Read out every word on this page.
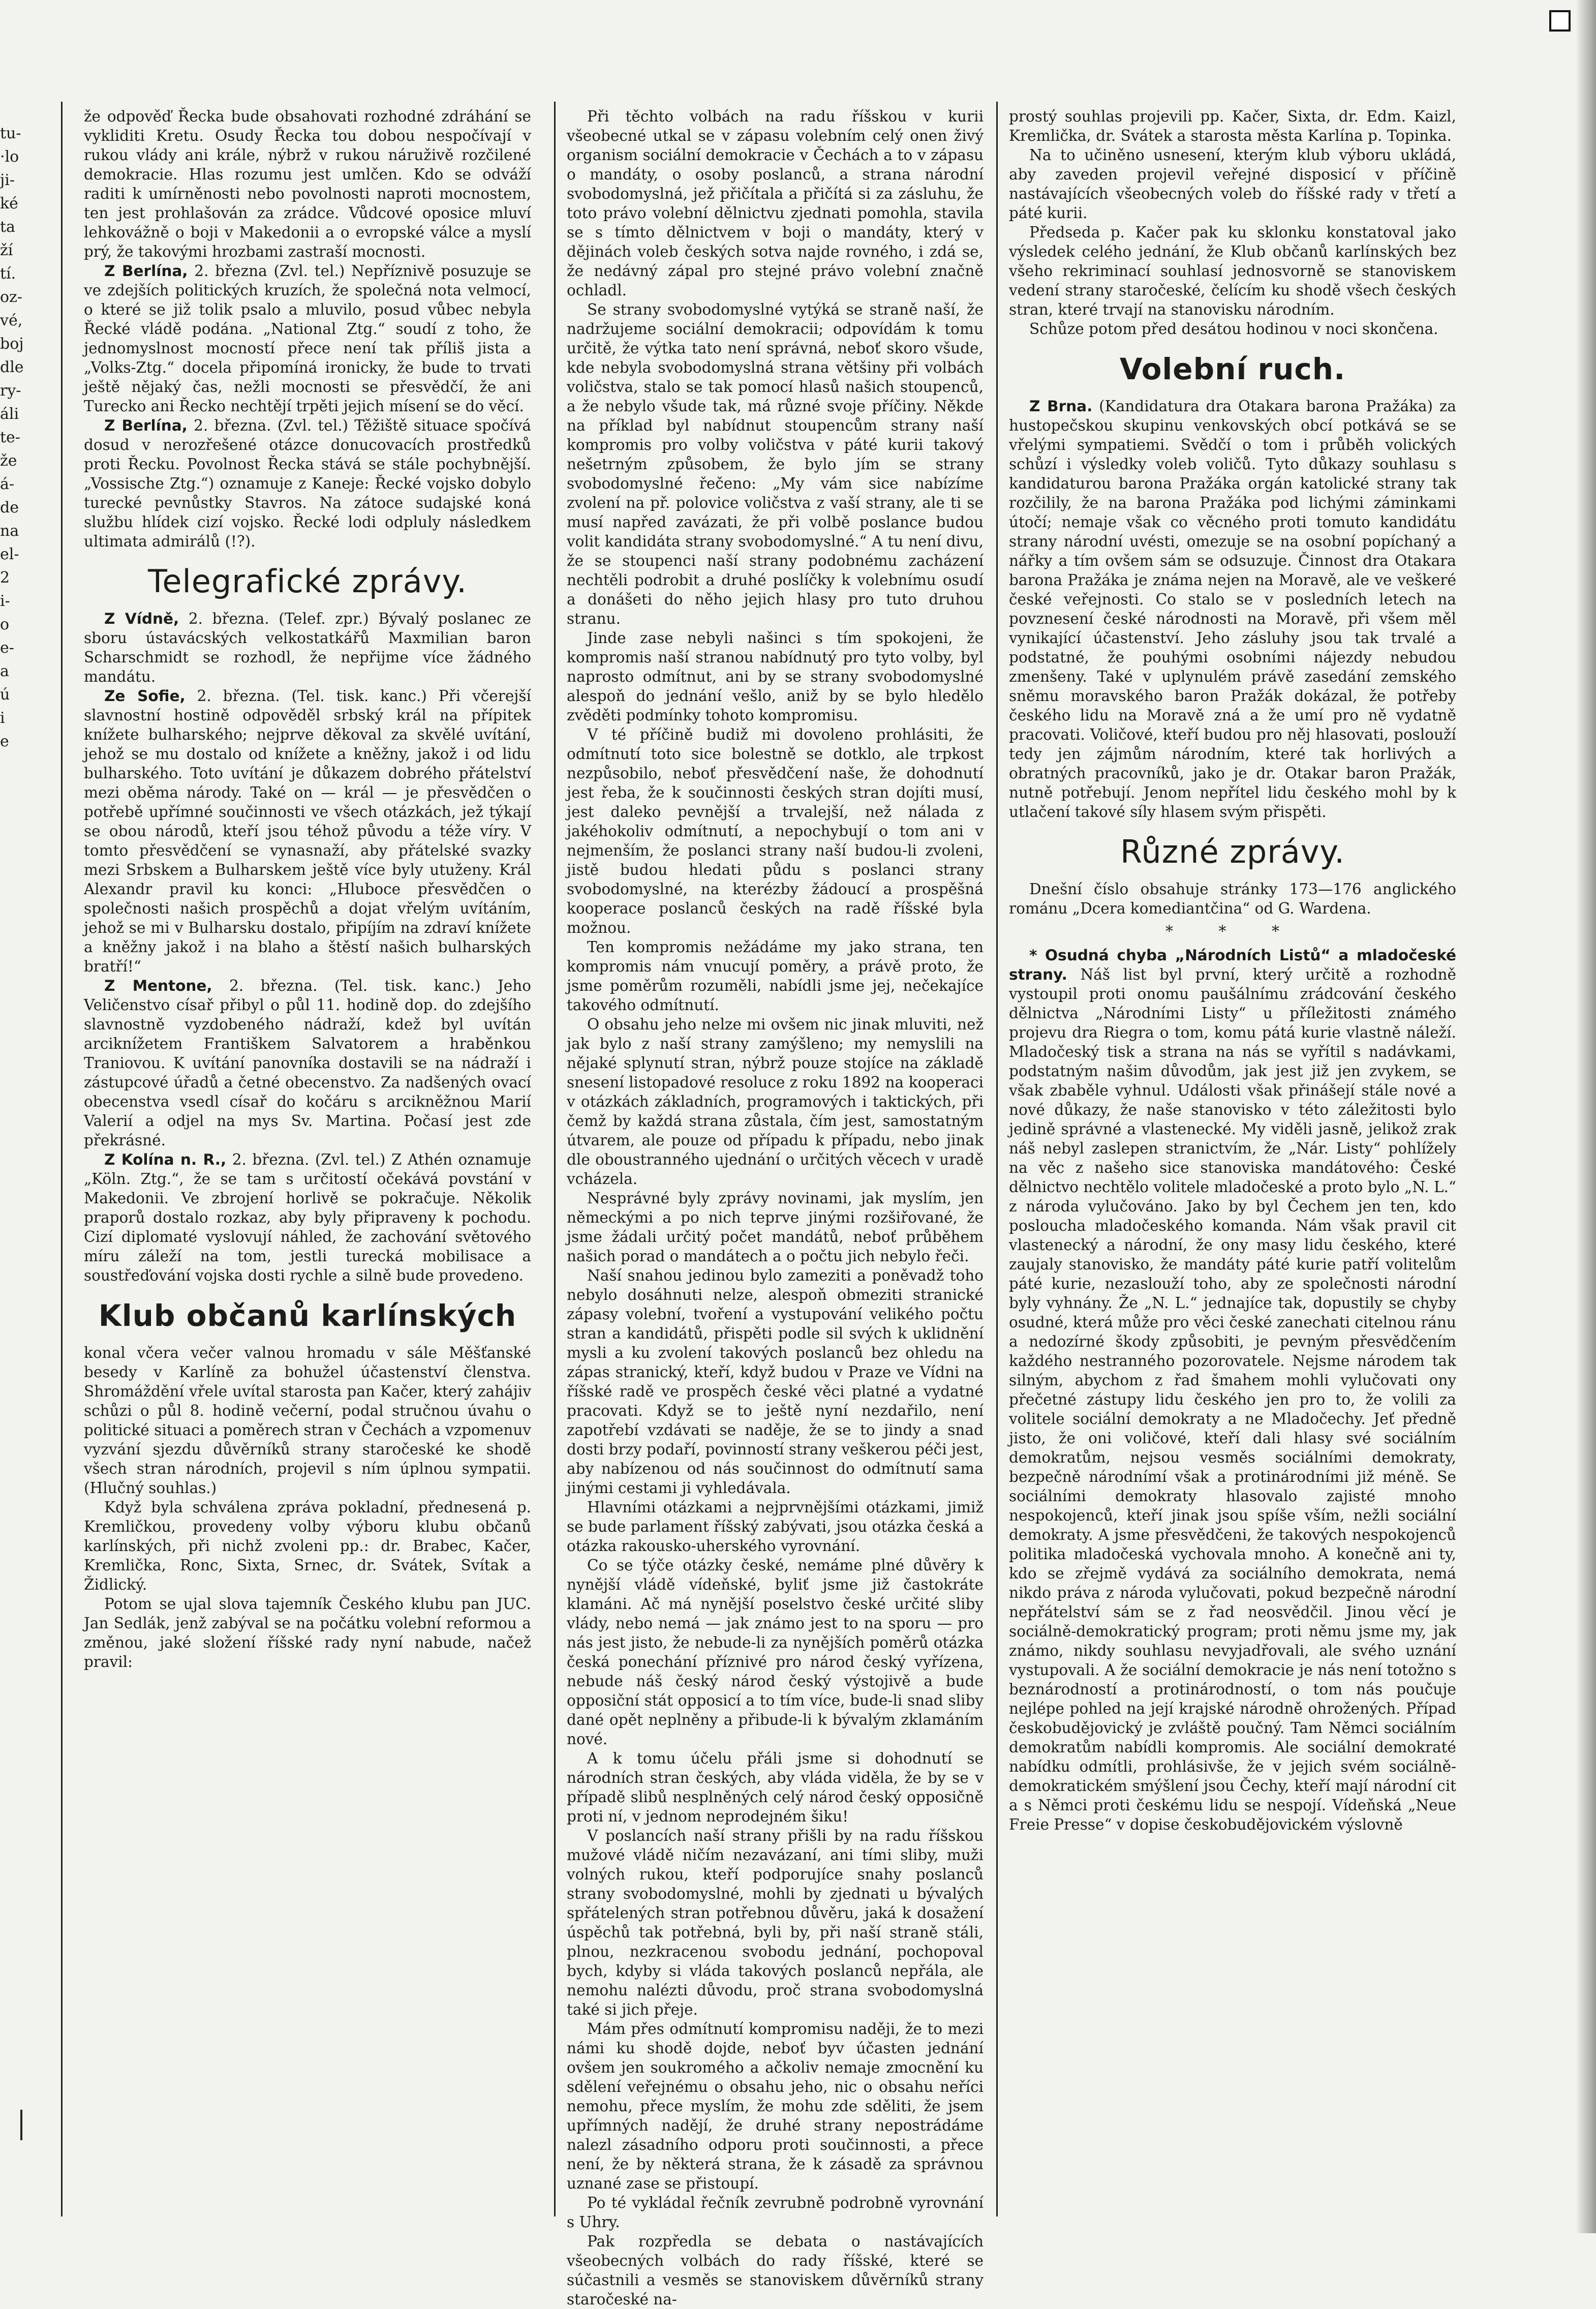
tu-
·lo
ji-
ké
ta
ží
tí.
oz-
vé,
boj
dle
ry-
áli
te-
že
á-
de
na
el-
2
i-
o
e-
a
ú
i
e

že odpověď Řecka bude obsahovati rozhodné zdráhání se vykliditi Kretu. Osudy Řecka tou dobou nespočívají v rukou vlády ani krále, nýbrž v rukou náruživě rozčilené demokracie. Hlas rozumu jest umlčen. Kdo se odváží raditi k umírněnosti nebo povolnosti naproti mocnostem, ten jest prohlašován za zrádce. Vůdcové oposice mluví lehkovážně o boji v Makedonii a o evropské válce a myslí prý, že takovými hrozbami zastraší mocnosti.

Z Berlína, 2. března (Zvl. tel.) Nepříznivě posuzuje se ve zdejších politických kruzích, že společná nota velmocí, o které se již tolik psalo a mluvilo, posud vůbec nebyla Řecké vládě podána. „National Ztg.“ soudí z toho, že jednomyslnost mocností přece není tak příliš jista a „Volks-Ztg.“ docela připomíná ironicky, že bude to trvati ještě nějaký čas, nežli mocnosti se přesvědčí, že ani Turecko ani Řecko nechtějí trpěti jejich mísení se do věcí.

Z Berlína, 2. března. (Zvl. tel.) Těžiště situace spočívá dosud v nerozřešené otázce donucovacích prostředků proti Řecku. Povolnost Řecka stává se stále pochybnější. „Vossische Ztg.“) oznamuje z Kaneje: Řecké vojsko dobylo turecké pevnůstky Stavros. Na zátoce sudajské koná službu hlídek cizí vojsko. Řecké lodi odpluly následkem ultimata admirálů (!?).

Telegrafické zprávy.

Z Vídně, 2. března. (Telef. zpr.) Bývalý poslanec ze sboru ústavácských velkostatkářů Maxmilian baron Scharschmidt se rozhodl, že nepřijme více žádného mandátu.

Ze Sofie, 2. března. (Tel. tisk. kanc.) Při včerejší slavnostní hostině odpověděl srbský král na přípitek knížete bulharského; nejprve děkoval za skvělé uvítání, jehož se mu dostalo od knížete a kněžny, jakož i od lidu bulharského. Toto uvítání je důkazem dobrého přátelství mezi oběma národy. Také on — král — je přesvědčen o potřebě upřímné součinnosti ve všech otázkách, jež týkají se obou národů, kteří jsou téhož původu a téže víry. V tomto přesvědčení se vynasnaží, aby přátelské svazky mezi Srbskem a Bulharskem ještě více byly utuženy. Král Alexandr pravil ku konci: „Hluboce přesvědčen o společnosti našich prospěchů a dojat vřelým uvítáním, jehož se mi v Bulharsku dostalo, připíjím na zdraví knížete a kněžny jakož i na blaho a štěstí našich bulharských bratří!“

Z Mentone, 2. března. (Tel. tisk. kanc.) Jeho Veličenstvo císař přibyl o půl 11. hodině dop. do zdejšího slavnostně vyzdobeného nádraží, kdež byl uvítán arciknížetem Františkem Salvatorem a hraběnkou Traniovou. K uvítání panovníka dostavili se na nádraží i zástupcové úřadů a četné obecenstvo. Za nadšených ovací obecenstva vsedl císař do kočáru s arcikněžnou Marií Valerií a odjel na mys Sv. Martina. Počasí jest zde překrásné.

Z Kolína n. R., 2. března. (Zvl. tel.) Z Athén oznamuje „Köln. Ztg.“, že se tam s určitostí očekává povstání v Makedonii. Ve zbrojení horlivě se pokračuje. Několik praporů dostalo rozkaz, aby byly připraveny k pochodu. Cizí diplomaté vyslovují náhled, že zachování světového míru záleží na tom, jestli turecká mobilisace a soustřeďování vojska dosti rychle a silně bude provedeno.

Klub občanů karlínských

konal včera večer valnou hromadu v sále Měšťanské besedy v Karlíně za bohužel účastenství členstva. Shromáždění vřele uvítal starosta pan Kačer, který zahájiv schůzi o půl 8. hodině večerní, podal stručnou úvahu o politické situaci a poměrech stran v Čechách a vzpomenuv vyzvání sjezdu důvěrníků strany staročeské ke shodě všech stran národních, projevil s ním úplnou sympatii. (Hlučný souhlas.)

Když byla schválena zpráva pokladní, přednesená p. Kremličkou, provedeny volby výboru klubu občanů karlínských, při nichž zvoleni pp.: dr. Brabec, Kačer, Kremlička, Ronc, Sixta, Srnec, dr. Svátek, Svítak a Židlický.

Potom se ujal slova tajemník Českého klubu pan JUC. Jan Sedlák, jenž zabýval se na počátku volební reformou a změnou, jaké složení říšské rady nyní nabude, načež pravil:

Při těchto volbách na radu říšskou v kurii všeobecné utkal se v zápasu volebním celý onen živý organism sociální demokracie v Čechách a to v zápasu o mandáty, o osoby poslanců, a strana národní svobodomyslná, jež přičítala a přičítá si za zásluhu, že toto právo volební dělnictvu zjednati pomohla, stavila se s tímto dělnictvem v boji o mandáty, který v dějinách voleb českých sotva najde rovného, i zdá se, že nedávný zápal pro stejné právo volební značně ochladl.

Se strany svobodomyslné vytýká se straně naší, že nadržujeme sociální demokracii; odpovídám k tomu určitě, že výtka tato není správná, neboť skoro všude, kde nebyla svobodomyslná strana většiny při volbách voličstva, stalo se tak pomocí hlasů našich stoupenců, a že nebylo všude tak, má různé svoje příčiny. Někde na příklad byl nabídnut stoupencům strany naší kompromis pro volby voličstva v páté kurii takový nešetrným způsobem, že bylo jím se strany svobodomyslné řečeno: „My vám sice nabízíme zvolení na př. polovice voličstva z vaší strany, ale ti se musí napřed zavázati, že při volbě poslance budou volit kandidáta strany svobodomyslné.“ A tu není divu, že se stoupenci naší strany podobnému zacházení nechtěli podrobit a druhé poslíčky k volebnímu osudí a donášeti do něho jejich hlasy pro tuto druhou stranu.

Jinde zase nebyli našinci s tím spokojeni, že kompromis naší stranou nabídnutý pro tyto volby, byl naprosto odmítnut, ani by se strany svobodomyslné alespoň do jednání vešlo, aniž by se bylo hledělo zvěděti podmínky tohoto kompromisu.

V té příčině budiž mi dovoleno prohlásiti, že odmítnutí toto sice bolestně se dotklo, ale trpkost nezpůsobilo, neboť přesvědčení naše, že dohodnutí jest řeba, že k součinnosti českých stran dojíti musí, jest daleko pevnější a trvalejší, než nálada z jakéhokoliv odmítnutí, a nepochybují o tom ani v nejmenším, že poslanci strany naší budou-li zvoleni, jistě budou hledati půdu s poslanci strany svobodomyslné, na kterézby žádoucí a prospěšná kooperace poslanců českých na radě říšské byla možnou.

Ten kompromis nežádáme my jako strana, ten kompromis nám vnucují poměry, a právě proto, že jsme poměrům rozuměli, nabídli jsme jej, nečekajíce takového odmítnutí.

O obsahu jeho nelze mi ovšem nic jinak mluviti, než jak bylo z naší strany zamýšleno; my nemyslili na nějaké splynutí stran, nýbrž pouze stojíce na základě snesení listopadové resoluce z roku 1892 na kooperaci v otázkách základních, programových i taktických, při čemž by každá strana zůstala, čím jest, samostatným útvarem, ale pouze od případu k případu, nebo jinak dle oboustranného ujednání o určitých věcech v uradě vcházela.

Nesprávné byly zprávy novinami, jak myslím, jen německými a po nich teprve jinými rozšiřované, že jsme žádali určitý počet mandátů, neboť průběhem našich porad o mandátech a o počtu jich nebylo řeči.

Naší snahou jedinou bylo zameziti a poněvadž toho nebylo dosáhnuti nelze, alespoň obmeziti stranické zápasy volební, tvoření a vystupování velikého počtu stran a kandidátů, přispěti podle sil svých k uklidnění mysli a ku zvolení takových poslanců bez ohledu na zápas stranický, kteří, když budou v Praze ve Vídni na říšské radě ve prospěch české věci platné a vydatné pracovati. Když se to ještě nyní nezdařilo, není zapotřebí vzdávati se naděje, že se to jindy a snad dosti brzy podaří, povinností strany veškerou péči jest, aby nabízenou od nás součinnost do odmítnutí sama jinými cestami ji vyhledávala.

Hlavními otázkami a nejprvnějšími otázkami, jimiž se bude parlament říšský zabývati, jsou otázka česká a otázka rakousko-uherského vyrovnání.

Co se týče otázky české, nemáme plné důvěry k nynější vládě vídeňské, byliť jsme již častokráte klamáni. Ač má nynější poselstvo české určité sliby vlády, nebo nemá — jak známo jest to na sporu — pro nás jest jisto, že nebude-li za nynějších poměrů otázka česká ponechání příznivé pro národ český vyřízena, nebude náš český národ český výstojivě a bude opposiční stát opposicí a to tím více, bude-li snad sliby dané opět neplněny a přibude-li k bývalým zklamáním nové.

A k tomu účelu přáli jsme si dohodnutí se národních stran českých, aby vláda viděla, že by se v případě slibů nesplněných celý národ český opposičně proti ní, v jednom neprodejném šiku!

V poslancích naší strany přišli by na radu říšskou mužové vládě ničím nezavázaní, ani tími sliby, muži volných rukou, kteří podporujíce snahy poslanců strany svobodomyslné, mohli by zjednati u bývalých spřátelených stran potřebnou důvěru, jaká k dosažení úspěchů tak potřebná, byli by, při naší straně stáli, plnou, nezkracenou svobodu jednání, pochopoval bych, kdyby si vláda takových poslanců nepřála, ale nemohu nalézti důvodu, proč strana svobodomyslná také si jich přeje.

Mám přes odmítnutí kompromisu naději, že to mezi námi ku shodě dojde, neboť byv účasten jednání ovšem jen soukromého a ačkoliv nemaje zmocnění ku sdělení veřejnému o obsahu jeho, nic o obsahu neříci nemohu, přece myslím, že mohu zde sděliti, že jsem upřímných nadějí, že druhé strany nepostrádáme nalezl zásadního odporu proti součinnosti, a přece není, že by některá strana, že k zásadě za správnou uznané zase se přistoupí.

Po té vykládal řečník zevrubně podrobně vyrovnání s Uhry.

Pak rozpředla se debata o nastávajících všeobecných volbách do rady říšské, které se súčastnili a vesměs se stanoviskem důvěrníků strany staročeské na-

prostý souhlas projevili pp. Kačer, Sixta, dr. Edm. Kaizl, Kremlička, dr. Svátek a starosta města Karlína p. Topinka.

Na to učiněno usnesení, kterým klub výboru ukládá, aby zaveden projevil veřejné disposicí v příčině nastávajících všeobecných voleb do říšské rady v třetí a páté kurii.

Předseda p. Kačer pak ku sklonku konstatoval jako výsledek celého jednání, že Klub občanů karlínských bez všeho rekriminací souhlasí jednosvorně se stanoviskem vedení strany staročeské, čelícím ku shodě všech českých stran, které trvají na stanovisku národním.

Schůze potom před desátou hodinou v noci skončena.

Volební ruch.

Z Brna. (Kandidatura dra Otakara barona Pražáka) za hustopečskou skupinu venkovských obcí potkává se se vřelými sympatiemi. Svědčí o tom i průběh volických schůzí i výsledky voleb voličů. Tyto důkazy souhlasu s kandidaturou barona Pražáka orgán katolické strany tak rozčilily, že na barona Pražáka pod lichými záminkami útočí; nemaje však co věcného proti tomuto kandidátu strany národní uvésti, omezuje se na osobní popíchaný a nářky a tím ovšem sám se odsuzuje. Činnost dra Otakara barona Pražáka je známa nejen na Moravě, ale ve veškeré české veřejnosti. Co stalo se v posledních letech na povznesení české národnosti na Moravě, při všem měl vynikající účastenství. Jeho zásluhy jsou tak trvalé a podstatné, že pouhými osobními nájezdy nebudou zmenšeny. Také v uplynulém právě zasedání zemského sněmu moravského baron Pražák dokázal, že potřeby českého lidu na Moravě zná a že umí pro ně vydatně pracovati. Voličové, kteří budou pro něj hlasovati, poslouží tedy jen zájmům národním, které tak horlivých a obratných pracovníků, jako je dr. Otakar baron Pražák, nutně potřebují. Jenom nepřítel lidu českého mohl by k utlačení takové síly hlasem svým přispěti.

Různé zprávy.

Dnešní číslo obsahuje stránky 173—176 anglického románu „Dcera komediantčina“ od G. Wardena.

* * *

* Osudná chyba „Národních Listů“ a mladočeské strany. Náš list byl první, který určitě a rozhodně vystoupil proti onomu paušálnímu zrádcování českého dělnictva „Národními Listy“ u příležitosti známého projevu dra Riegra o tom, komu pátá kurie vlastně náleží. Mladočeský tisk a strana na nás se vyřítil s nadávkami, podstatným našim důvodům, jak jest již jen zvykem, se však zbaběle vyhnul. Události však přinášejí stále nové a nové důkazy, že naše stanovisko v této záležitosti bylo jedině správné a vlastenecké. My viděli jasně, jelikož zrak náš nebyl zaslepen stranictvím, že „Nár. Listy“ pohlížely na věc z našeho sice stanoviska mandátového: České dělnictvo nechtělo volitele mladočeské a proto bylo „N. L.“ z národa vylučováno. Jako by byl Čechem jen ten, kdo posloucha mladočeského komanda. Nám však pravil cit vlastenecký a národní, že ony masy lidu českého, které zaujaly stanovisko, že mandáty páté kurie patří volitelům páté kurie, nezaslouží toho, aby ze společnosti národní byly vyhnány. Že „N. L.“ jednajíce tak, dopustily se chyby osudné, která může pro věci české zanechati citelnou ránu a nedozírné škody způsobiti, je pevným přesvědčením každého nestranného pozorovatele. Nejsme národem tak silným, abychom z řad šmahem mohli vylučovati ony přečetné zástupy lidu českého jen pro to, že volili za volitele sociální demokraty a ne Mladočechy. Jeť předně jisto, že oni voličové, kteří dali hlasy své sociálním demokratům, nejsou vesměs sociálními demokraty, bezpečně národnímí však a protinárodními již méně. Se sociálními demokraty hlasovalo zajisté mnoho nespokojenců, kteří jinak jsou spíše vším, nežli sociální demokraty. A jsme přesvědčeni, že takových nespokojenců politika mladočeská vychovala mnoho. A konečně ani ty, kdo se zřejmě vydává za sociálního demokrata, nemá nikdo práva z národa vylučovati, pokud bezpečně národní nepřátelství sám se z řad neosvědčil. Jinou věcí je sociálně-demokratický program; proti němu jsme my, jak známo, nikdy souhlasu nevyjadřovali, ale svého uznání vystupovali. A že sociální demokracie je nás není totožno s beznárodností a protinárodností, o tom nás poučuje nejlépe pohled na její krajské národně ohrožených. Případ českobudějovický je zvláště poučný. Tam Němci sociálním demokratům nabídli kompromis. Ale sociální demokraté nabídku odmítli, prohlásivše, že v jejich svém sociálně-demokratickém smýšlení jsou Čechy, kteří mají národní cit a s Němci proti českému lidu se nespojí. Vídeňská „Neue Freie Presse“ v dopise českobudějovickém výslovně
